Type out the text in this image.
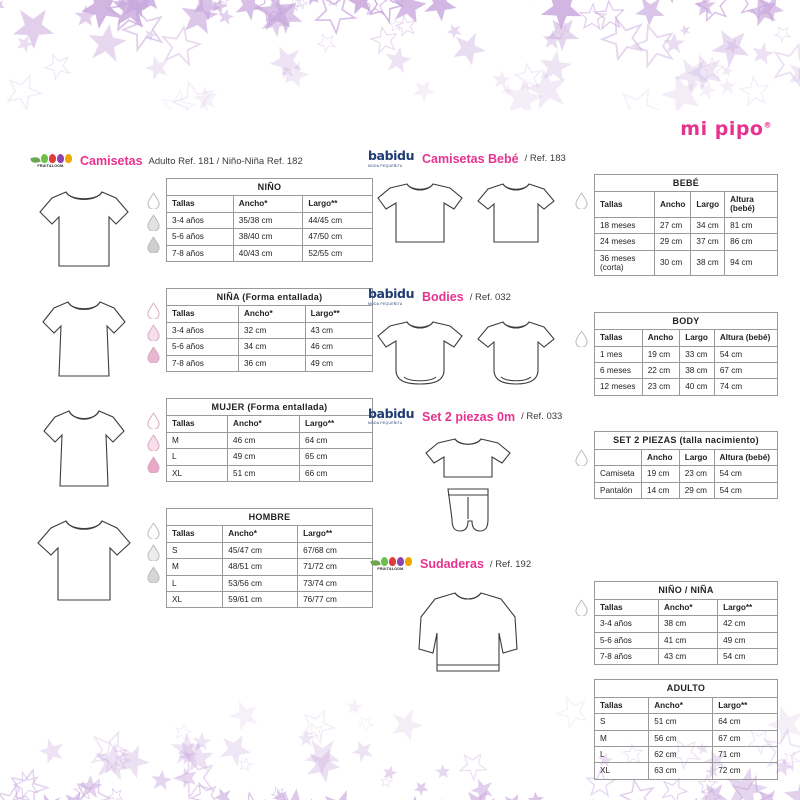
mi pipo®
FRUIT&LOOM.	Camisetas Adulto Ref. 181 / Niño-Niña Ref. 182
NIÑO		
Tallas	Ancho*	Largo**
3-4 años	35/38 cm	44/45 cm
5-6 años	38/40 cm	47/50 cm
7-8 años	40/43 cm	52/55 cm
NIÑA (Forma entallada)		
Tallas	Ancho*	Largo**
3-4 años	32 cm	43 cm
5-6 años	34 cm	46 cm
7-8 años	36 cm	49 cm
MUJER (Forma entallada)		
Tallas	Ancho*	Largo**
M	46 cm	64 cm
L	49 cm	65 cm
XL	51 cm	66 cm
HOMBRE		
Tallas	Ancho*	Largo**
S	45/47 cm	67/68 cm
M	48/51 cm	71/72 cm
L	53/56 cm	73/74 cm
XL	59/61 cm	76/77 cm
babidu
MODA PEQUEÑITA	Camisetas Bebé / Ref. 183
BEBÉ			
Tallas	Ancho	Largo	Altura (bebé)
18 meses	27 cm	34 cm	81 cm
24 meses	29 cm	37 cm	86 cm
36 meses (corta)	30 cm	38 cm	94 cm
babidu
MODA PEQUEÑITA	Bodies / Ref. 032
BODY			
Tallas	Ancho	Largo	Altura (bebé)
1 mes	19 cm	33 cm	54 cm
6 meses	22 cm	38 cm	67 cm
12 meses	23 cm	40 cm	74 cm
babidu
MODA PEQUEÑITA	Set 2 piezas 0m / Ref. 033
SET 2 PIEZAS (talla nacimiento)			
	Ancho	Largo	Altura (bebé)
Camiseta	19 cm	23 cm	54 cm
Pantalón	14 cm	29 cm	54 cm
FRUIT&LOOM.	Sudaderas / Ref. 192
NIÑO / NIÑA		
Tallas	Ancho*	Largo**
3-4 años	38 cm	42 cm
5-6 años	41 cm	49 cm
7-8 años	43 cm	54 cm
ADULTO		
Tallas	Ancho*	Largo**
S	51 cm	64 cm
M	56 cm	67 cm
L	62 cm	71 cm
XL	63 cm	72 cm
